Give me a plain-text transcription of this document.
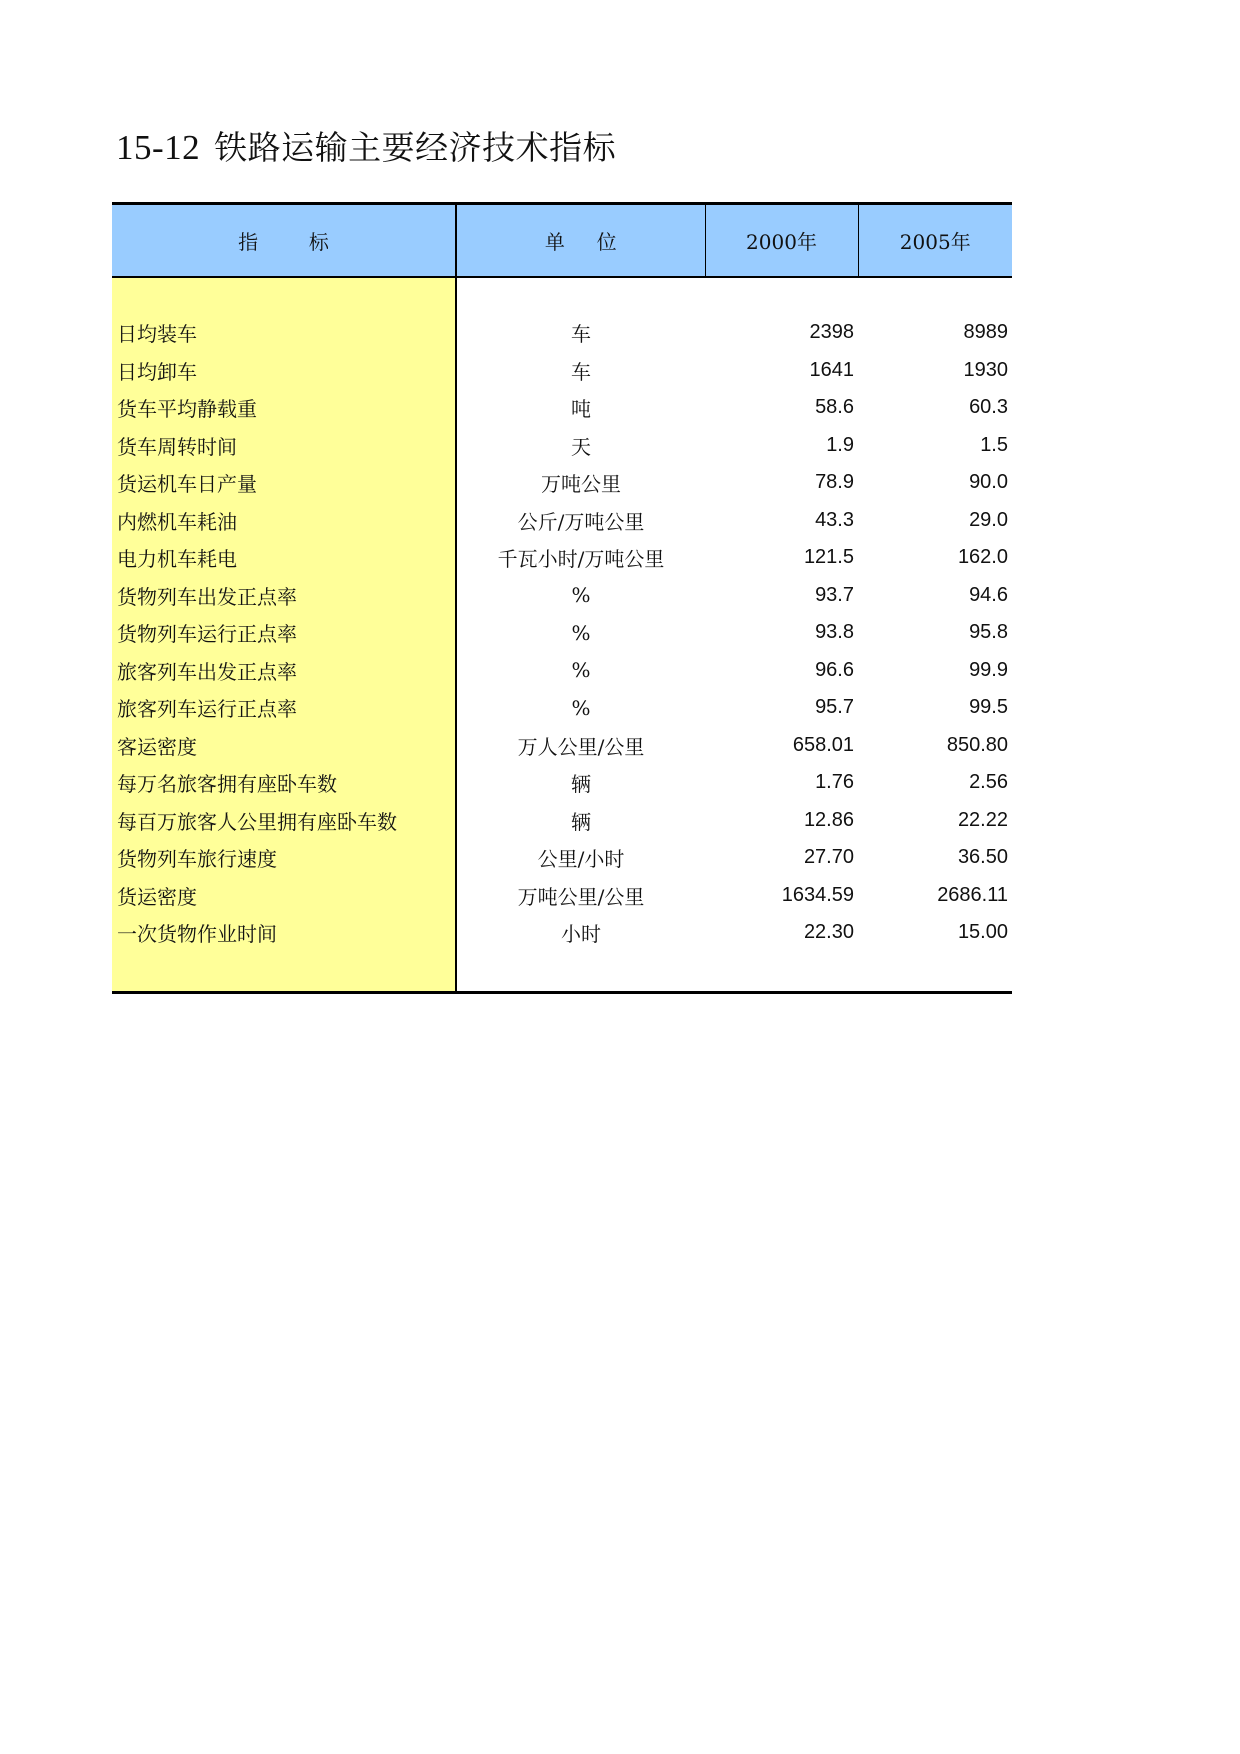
15-12 铁路运输主要经济技术指标
指        标	单     位	2000年	2005年

日均装车	车	2398	8989
日均卸车	车	1641	1930
货车平均静载重	吨	58.6	60.3
货车周转时间	天	1.9	1.5
货运机车日产量	万吨公里	78.9	90.0
内燃机车耗油	公斤/万吨公里	43.3	29.0
电力机车耗电	千瓦小时/万吨公里	121.5	162.0
货物列车出发正点率	%	93.7	94.6
货物列车运行正点率	%	93.8	95.8
旅客列车出发正点率	%	96.6	99.9
旅客列车运行正点率	%	95.7	99.5
客运密度	万人公里/公里	658.01	850.80
每万名旅客拥有座卧车数	辆	1.76	2.56
每百万旅客人公里拥有座卧车数	辆	12.86	22.22
货物列车旅行速度	公里/小时	27.70	36.50
货运密度	万吨公里/公里	1634.59	2686.11
一次货物作业时间	小时	22.30	15.00
